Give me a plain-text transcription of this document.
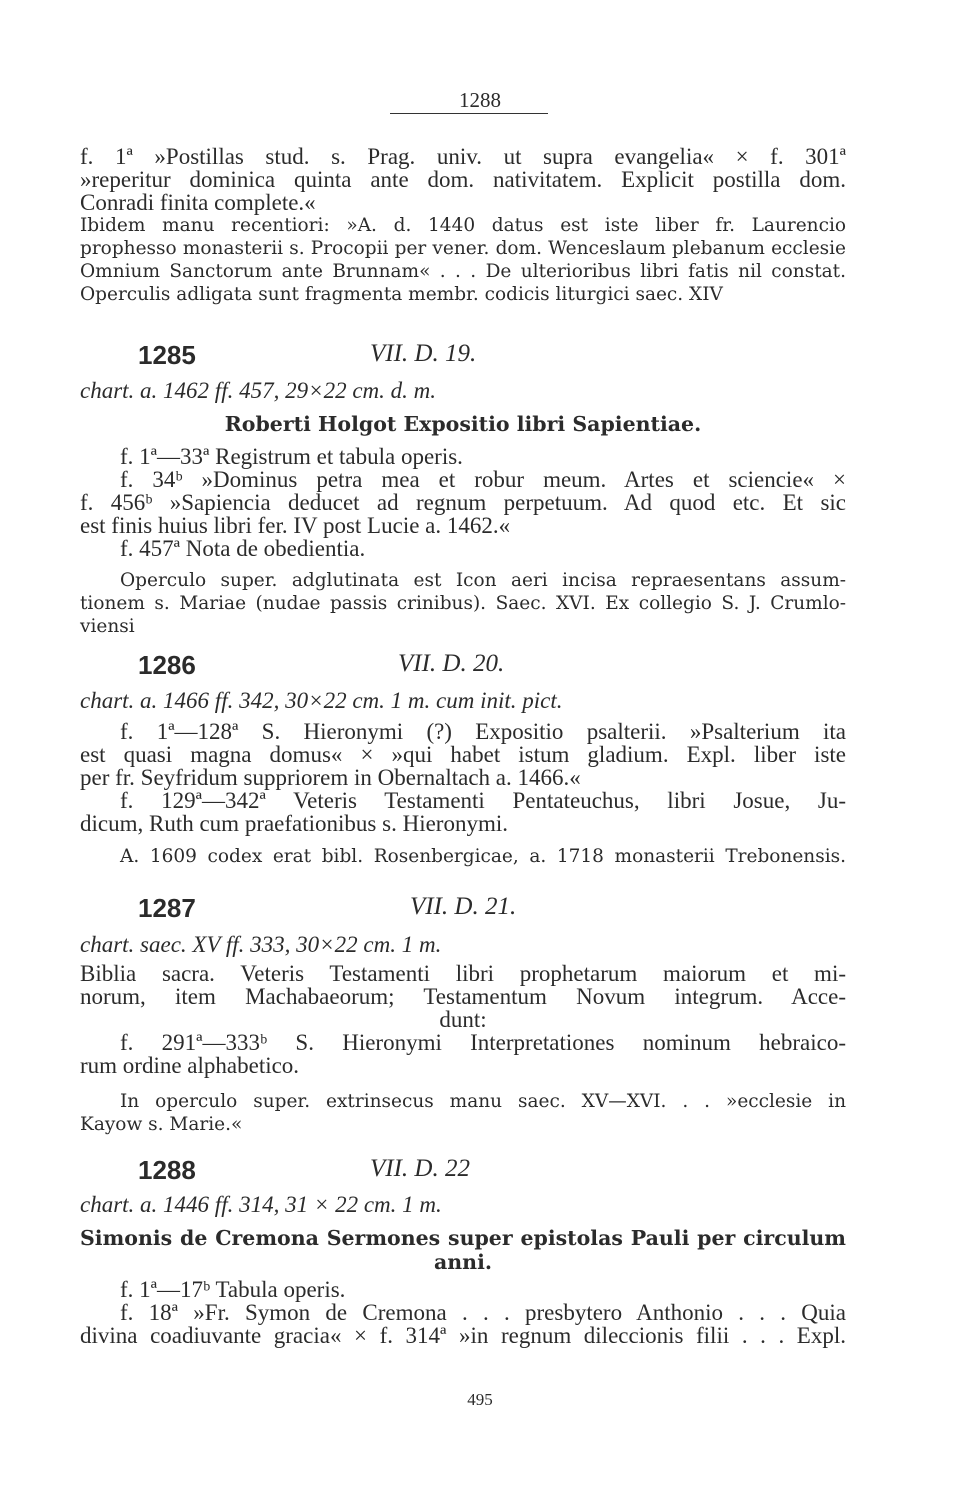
1288
f. 1ª »Postillas stud. s. Prag. univ. ut supra evangelia« × f. 301ª
»reperitur dominica quinta ante dom. nativitatem. Explicit postilla dom.
Conradi finita complete.«
Ibidem manu recentiori: »A. d. 1440 datus est iste liber fr. Laurencio
prophesso monasterii s. Procopii per vener. dom. Wenceslaum plebanum ecclesie
Omnium Sanctorum ante Brunnam« . . . De ulterioribus libri fatis nil constat.
Operculis adligata sunt fragmenta membr. codicis liturgici saec. XIV
1285	VII. D. 19.
chart. a. 1462 ff. 457, 29×22 cm. d. m.
Roberti Holgot Expositio libri Sapientiae.
f. 1ª—33ª Registrum et tabula operis.
f. 34ᵇ »Dominus petra mea et robur meum. Artes et sciencie« ×
f. 456ᵇ »Sapiencia deducet ad regnum perpetuum. Ad quod etc. Et sic
est finis huius libri fer. IV post Lucie a. 1462.«
f. 457ª Nota de obedientia.
Operculo super. adglutinata est Icon aeri incisa repraesentans assum-
tionem s. Mariae (nudae passis crinibus). Saec. XVI. Ex collegio S. J. Crumlo-
viensi
1286	VII. D. 20.
chart. a. 1466 ff. 342, 30×22 cm. 1 m. cum init. pict.
f. 1ª—128ª S. Hieronymi (?) Expositio psalterii. »Psalterium ita
est quasi magna domus« × »qui habet istum gladium. Expl. liber iste
per fr. Seyfridum suppriorem in Obernaltach a. 1466.«
f. 129ª—342ª Veteris Testamenti Pentateuchus, libri Josue, Ju-
dicum, Ruth cum praefationibus s. Hieronymi.
A. 1609 codex erat bibl. Rosenbergicae, a. 1718 monasterii Trebonensis.
1287	VII. D. 21.
chart. saec. XV ff. 333, 30×22 cm. 1 m.
Biblia sacra. Veteris Testamenti libri prophetarum maiorum et mi-
norum, item Machabaeorum; Testamentum Novum integrum. Acce-
dunt:
f. 291ª—333ᵇ S. Hieronymi Interpretationes nominum hebraico-
rum ordine alphabetico.
In operculo super. extrinsecus manu saec. XV—XVI. . . »ecclesie in
Kayow s. Marie.«
1288	VII. D. 22
chart. a. 1446 ff. 314, 31 × 22 cm. 1 m.
Simonis de Cremona Sermones super epistolas Pauli per circulum
anni.
f. 1ª—17ᵇ Tabula operis.
f. 18ª »Fr. Symon de Cremona . . . presbytero Anthonio . . . Quia
divina coadiuvante gracia« × f. 314ª »in regnum dileccionis filii . . . Expl.
495
